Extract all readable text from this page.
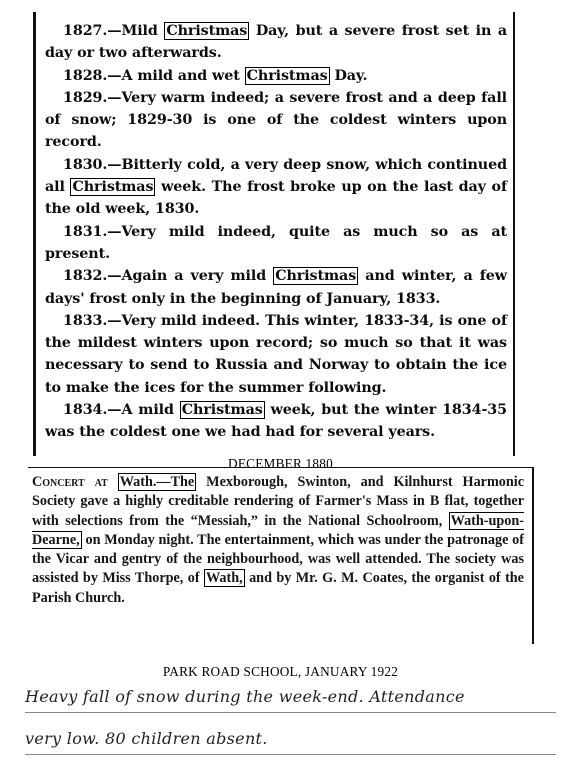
1827.—Mild Christmas Day, but a severe frost set in a day or two afterwards.

1828.—A mild and wet Christmas Day.

1829.—Very warm indeed; a severe frost and a deep fall of snow; 1829-30 is one of the coldest winters upon record.

1830.—Bitterly cold, a very deep snow, which continued all Christmas week. The frost broke up on the last day of the old week, 1830.

1831.—Very mild indeed, quite as much so as at present.

1832.—Again a very mild Christmas and winter, a few days' frost only in the beginning of January, 1833.

1833.—Very mild indeed. This winter, 1833-34, is one of the mildest winters upon record; so much so that it was necessary to send to Russia and Norway to obtain the ice to make the ices for the summer following.

1834.—A mild Christmas week, but the winter 1834-35 was the coldest one we had had for several years.

DECEMBER 1880

Concert at Wath.—The Mexborough, Swinton, and Kilnhurst Harmonic Society gave a highly creditable rendering of Farmer's Mass in B flat, together with selections from the “Messiah,” in the National Schoolroom, Wath-upon-Dearne, on Monday night. The entertainment, which was under the patronage of the Vicar and gentry of the neighbourhood, was well attended. The society was assisted by Miss Thorpe, of Wath, and by Mr. G. M. Coates, the organist of the Parish Church.

PARK ROAD SCHOOL, JANUARY 1922
Heavy fall of snow during the week-end. Attendance
very low. 80 children absent.
